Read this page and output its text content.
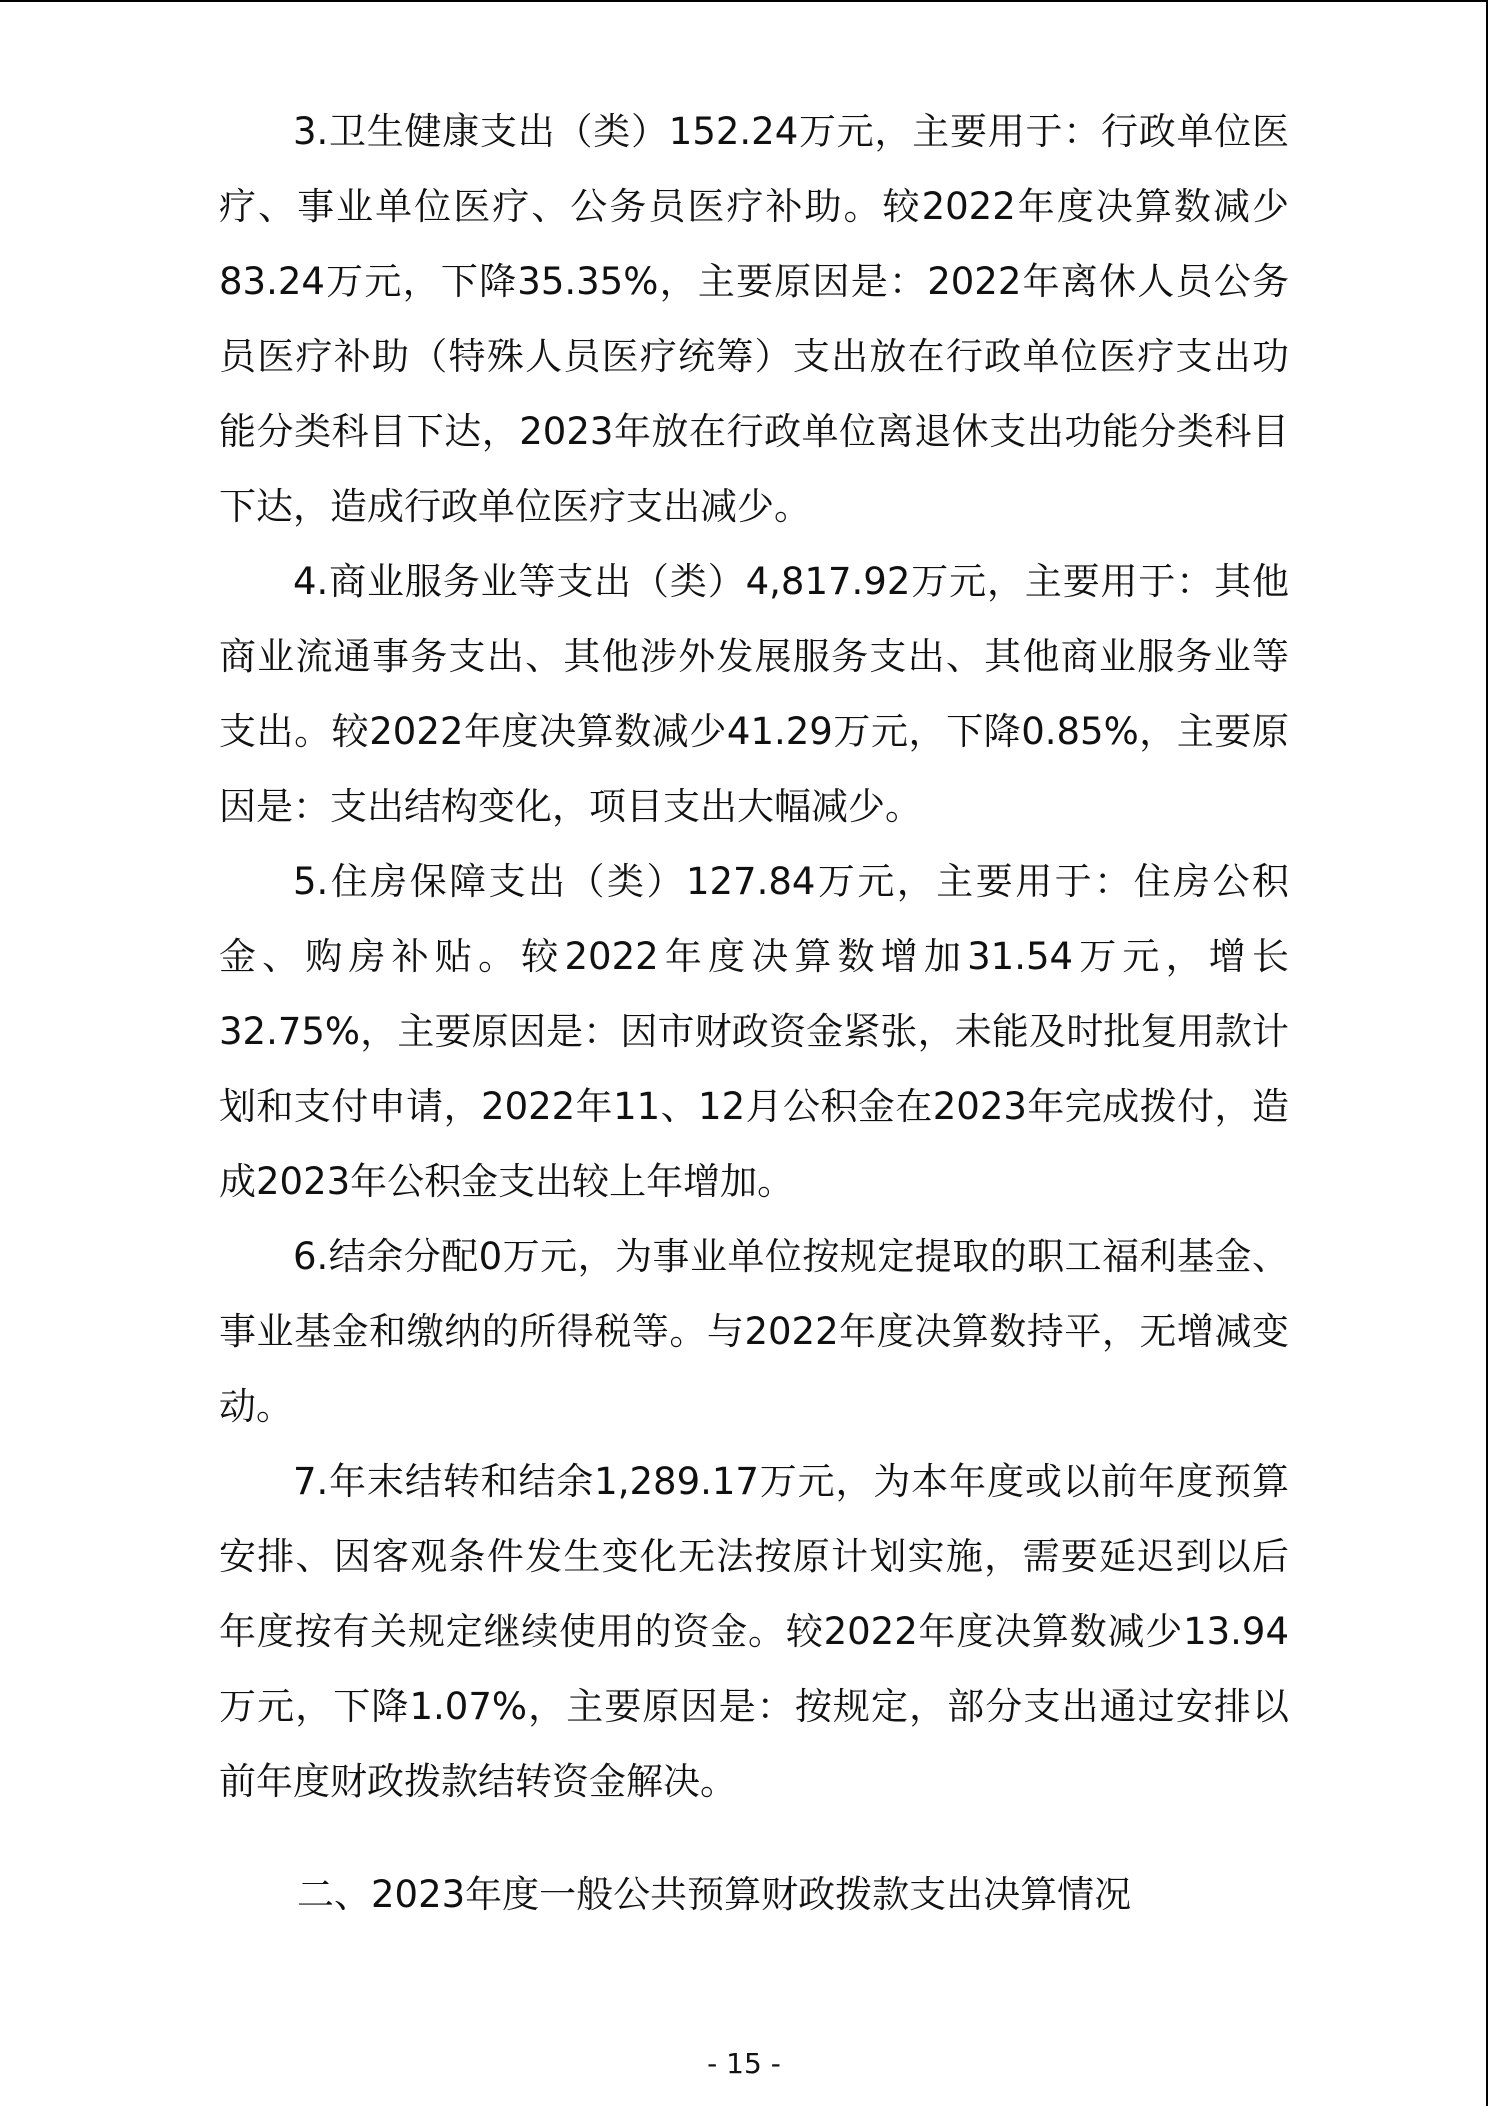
3.卫生健康支出（类）152.24万元，主要用于：行政单位医疗、事业单位医疗、公务员医疗补助。较2022年度决算数减少83.24万元，下降35.35%，主要原因是：2022年离休人员公务员医疗补助（特殊人员医疗统筹）支出放在行政单位医疗支出功能分类科目下达，2023年放在行政单位离退休支出功能分类科目下达，造成行政单位医疗支出减少。

4.商业服务业等支出（类）4,817.92万元，主要用于：其他商业流通事务支出、其他涉外发展服务支出、其他商业服务业等支出。较2022年度决算数减少41.29万元，下降0.85%，主要原因是：支出结构变化，项目支出大幅减少。

5.住房保障支出（类）127.84万元，主要用于：住房公积金、购房补贴。较2022年度决算数增加31.54万元，增长32.75%，主要原因是：因市财政资金紧张，未能及时批复用款计划和支付申请，2022年11、12月公积金在2023年完成拨付，造成2023年公积金支出较上年增加。

6.结余分配0万元，为事业单位按规定提取的职工福利基金、事业基金和缴纳的所得税等。与2022年度决算数持平，无增减变动。

7.年末结转和结余1,289.17万元，为本年度或以前年度预算安排、因客观条件发生变化无法按原计划实施，需要延迟到以后年度按有关规定继续使用的资金。较2022年度决算数减少13.94万元，下降1.07%，主要原因是：按规定，部分支出通过安排以前年度财政拨款结转资金解决。

二、2023年度一般公共预算财政拨款支出决算情况
- 15 -
